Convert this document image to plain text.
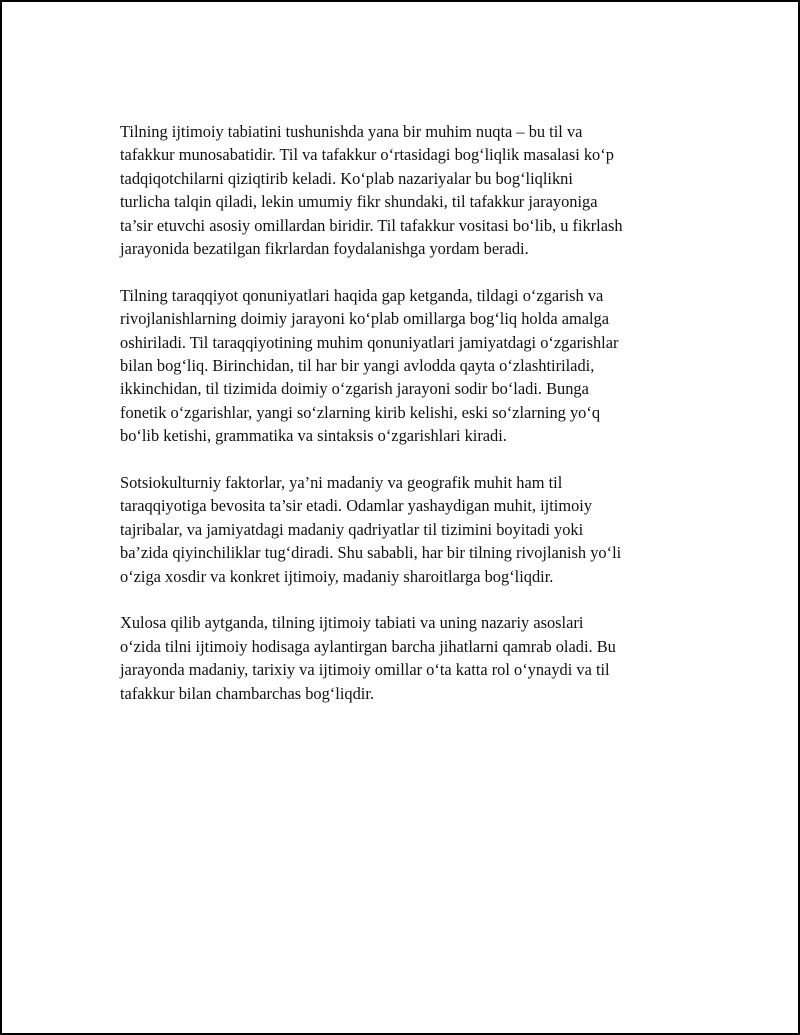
Tilning ijtimoiy tabiatini tushunishda yana bir muhim nuqta – bu til va
tafakkur munosabatidir. Til va tafakkur o‘rtasidagi bog‘liqlik masalasi ko‘p
tadqiqotchilarni qiziqtirib keladi. Ko‘plab nazariyalar bu bog‘liqlikni
turlicha talqin qiladi, lekin umumiy fikr shundaki, til tafakkur jarayoniga
ta’sir etuvchi asosiy omillardan biridir. Til tafakkur vositasi bo‘lib, u fikrlash
jarayonida bezatilgan fikrlardan foydalanishga yordam beradi.

Tilning taraqqiyot qonuniyatlari haqida gap ketganda, tildagi o‘zgarish va
rivojlanishlarning doimiy jarayoni ko‘plab omillarga bog‘liq holda amalga
oshiriladi. Til taraqqiyotining muhim qonuniyatlari jamiyatdagi o‘zgarishlar
bilan bog‘liq. Birinchidan, til har bir yangi avlodda qayta o‘zlashtiriladi,
ikkinchidan, til tizimida doimiy o‘zgarish jarayoni sodir bo‘ladi. Bunga
fonetik o‘zgarishlar, yangi so‘zlarning kirib kelishi, eski so‘zlarning yo‘q
bo‘lib ketishi, grammatika va sintaksis o‘zgarishlari kiradi.

Sotsiokulturniy faktorlar, ya’ni madaniy va geografik muhit ham til
taraqqiyotiga bevosita ta’sir etadi. Odamlar yashaydigan muhit, ijtimoiy
tajribalar, va jamiyatdagi madaniy qadriyatlar til tizimini boyitadi yoki
ba’zida qiyinchiliklar tug‘diradi. Shu sababli, har bir tilning rivojlanish yo‘li
o‘ziga xosdir va konkret ijtimoiy, madaniy sharoitlarga bog‘liqdir.

Xulosa qilib aytganda, tilning ijtimoiy tabiati va uning nazariy asoslari
o‘zida tilni ijtimoiy hodisaga aylantirgan barcha jihatlarni qamrab oladi. Bu
jarayonda madaniy, tarixiy va ijtimoiy omillar o‘ta katta rol o‘ynaydi va til
tafakkur bilan chambarchas bog‘liqdir.
